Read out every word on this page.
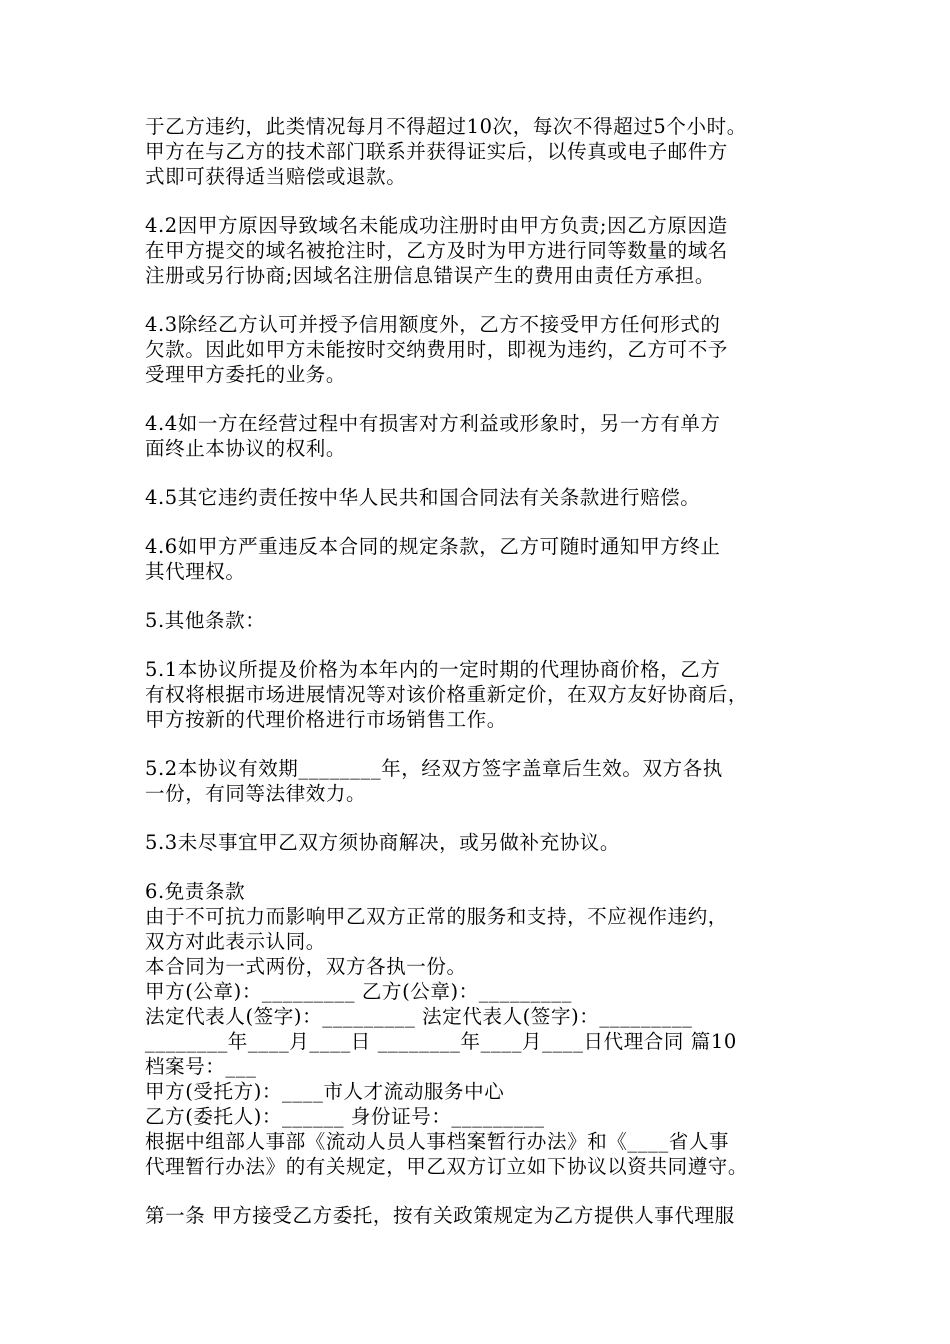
于乙方违约，此类情况每月不得超过10次，每次不得超过5个小时。
甲方在与乙方的技术部门联系并获得证实后，以传真或电子邮件方
式即可获得适当赔偿或退款。
4.2因甲方原因导致域名未能成功注册时由甲方负责;因乙方原因造
在甲方提交的域名被抢注时，乙方及时为甲方进行同等数量的域名
注册或另行协商;因域名注册信息错误产生的费用由责任方承担。
4.3除经乙方认可并授予信用额度外，乙方不接受甲方任何形式的
欠款。因此如甲方未能按时交纳费用时，即视为违约，乙方可不予
受理甲方委托的业务。
4.4如一方在经营过程中有损害对方利益或形象时，另一方有单方
面终止本协议的权利。
4.5其它违约责任按中华人民共和国合同法有关条款进行赔偿。
4.6如甲方严重违反本合同的规定条款，乙方可随时通知甲方终止
其代理权。
5.其他条款：
5.1本协议所提及价格为本年内的一定时期的代理协商价格，乙方
有权将根据市场进展情况等对该价格重新定价，在双方友好协商后，
甲方按新的代理价格进行市场销售工作。
5.2本协议有效期________年，经双方签字盖章后生效。双方各执
一份，有同等法律效力。
5.3未尽事宜甲乙双方须协商解决，或另做补充协议。
6.免责条款
由于不可抗力而影响甲乙双方正常的服务和支持，不应视作违约，
双方对此表示认同。
本合同为一式两份，双方各执一份。
甲方(公章)：_________ 乙方(公章)：_________
法定代表人(签字)：_________ 法定代表人(签字)：_________
________年____月____日 ________年____月____日代理合同 篇10
档案号：___
甲方(受托方)：____市人才流动服务中心
乙方(委托人)：______ 身份证号：_________
根据中组部人事部《流动人员人事档案暂行办法》和《____省人事
代理暂行办法》的有关规定，甲乙双方订立如下协议以资共同遵守。
第一条 甲方接受乙方委托，按有关政策规定为乙方提供人事代理服
